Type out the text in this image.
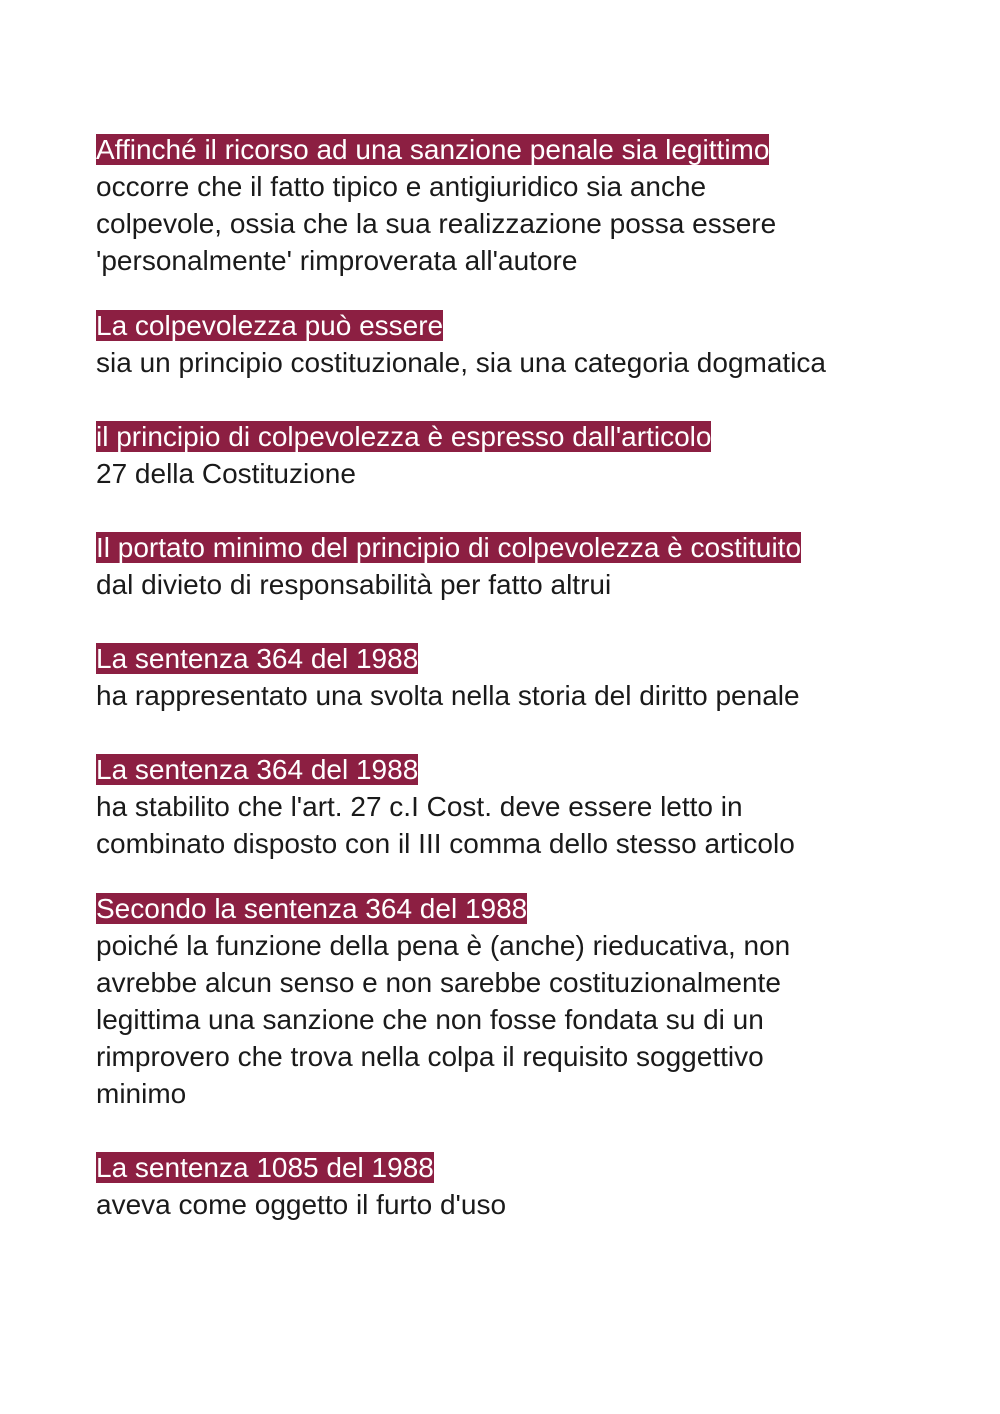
Affinché il ricorso ad una sanzione penale sia legittimo
occorre che il fatto tipico e antigiuridico sia anche
colpevole, ossia che la sua realizzazione possa essere
'personalmente' rimproverata all'autore
La colpevolezza può essere
sia un principio costituzionale, sia una categoria dogmatica
il principio di colpevolezza è espresso dall'articolo
27 della Costituzione
Il portato minimo del principio di colpevolezza è costituito
dal divieto di responsabilità per fatto altrui
La sentenza 364 del 1988
ha rappresentato una svolta nella storia del diritto penale
La sentenza 364 del 1988
ha stabilito che l'art. 27 c.I Cost. deve essere letto in
combinato disposto con il III comma dello stesso articolo
Secondo la sentenza 364 del 1988
poiché la funzione della pena è (anche) rieducativa, non
avrebbe alcun senso e non sarebbe costituzionalmente
legittima una sanzione che non fosse fondata su di un
rimprovero che trova nella colpa il requisito soggettivo
minimo
La sentenza 1085 del 1988
aveva come oggetto il furto d'uso
